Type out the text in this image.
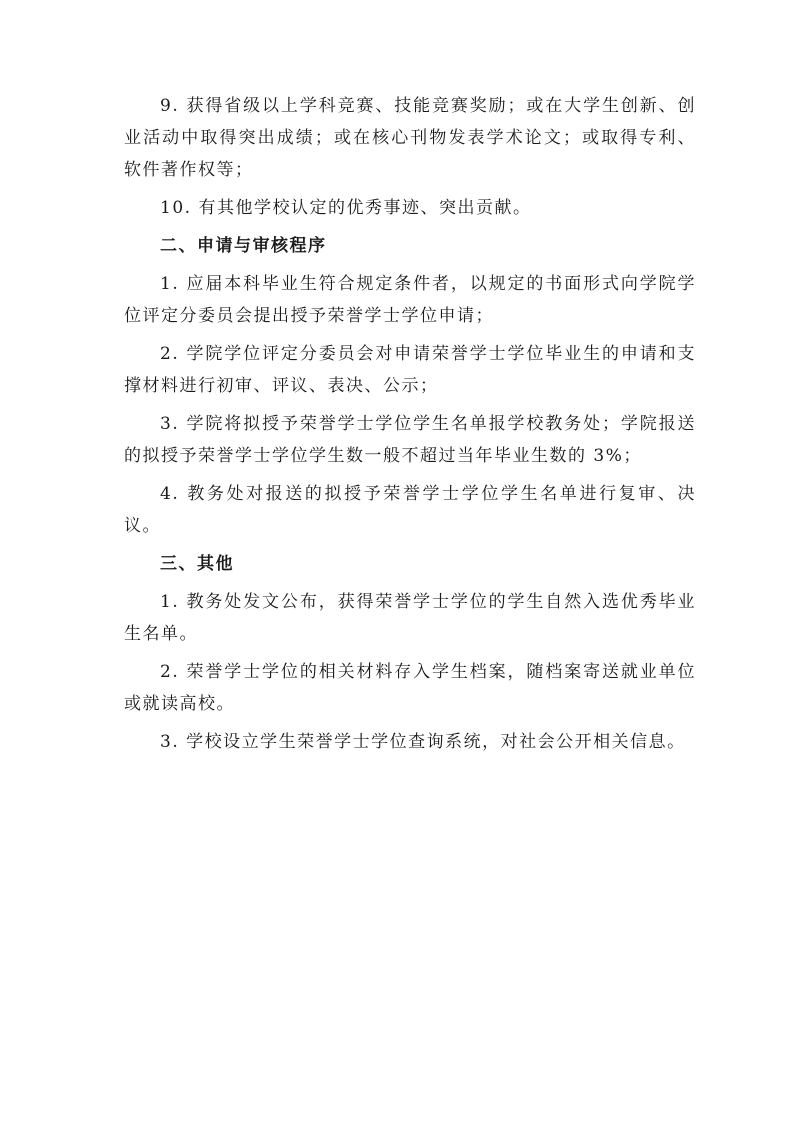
9. 获得省级以上学科竞赛、技能竞赛奖励；或在大学生创新、创业活动中取得突出成绩；或在核心刊物发表学术论文；或取得专利、软件著作权等；

10. 有其他学校认定的优秀事迹、突出贡献。

二、申请与审核程序

1. 应届本科毕业生符合规定条件者，以规定的书面形式向学院学位评定分委员会提出授予荣誉学士学位申请；

2. 学院学位评定分委员会对申请荣誉学士学位毕业生的申请和支撑材料进行初审、评议、表决、公示；

3. 学院将拟授予荣誉学士学位学生名单报学校教务处；学院报送的拟授予荣誉学士学位学生数一般不超过当年毕业生数的 3%；

4. 教务处对报送的拟授予荣誉学士学位学生名单进行复审、决议。

三、其他

1. 教务处发文公布，获得荣誉学士学位的学生自然入选优秀毕业生名单。

2. 荣誉学士学位的相关材料存入学生档案，随档案寄送就业单位或就读高校。

3. 学校设立学生荣誉学士学位查询系统，对社会公开相关信息。
